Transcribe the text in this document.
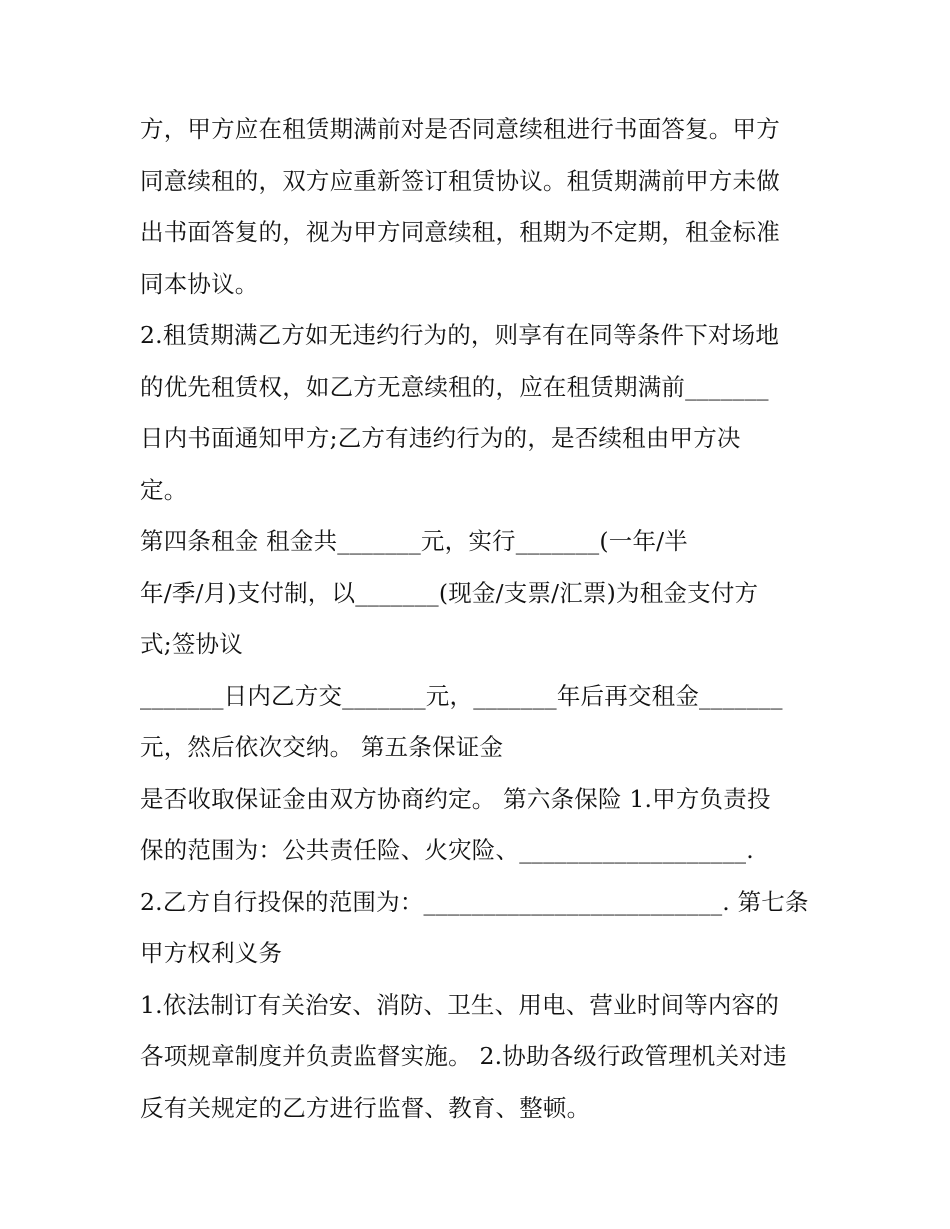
方，甲方应在租赁期满前对是否同意续租进行书面答复。甲方
同意续租的，双方应重新签订租赁协议。租赁期满前甲方未做
出书面答复的，视为甲方同意续租，租期为不定期，租金标准
同本协议。
2.租赁期满乙方如无违约行为的，则享有在同等条件下对场地
的优先租赁权，如乙方无意续租的，应在租赁期满前_______
日内书面通知甲方;乙方有违约行为的，是否续租由甲方决
定。
第四条租金 租金共_______元，实行_______(一年/半
年/季/月)支付制，以_______(现金/支票/汇票)为租金支付方
式;签协议
_______日内乙方交_______元，_______年后再交租金_______
元，然后依次交纳。 第五条保证金
是否收取保证金由双方协商约定。 第六条保险 1.甲方负责投
保的范围为：公共责任险、火灾险、___________________.
2.乙方自行投保的范围为：_________________________. 第七条
甲方权利义务
1.依法制订有关治安、消防、卫生、用电、营业时间等内容的
各项规章制度并负责监督实施。 2.协助各级行政管理机关对违
反有关规定的乙方进行监督、教育、整顿。
